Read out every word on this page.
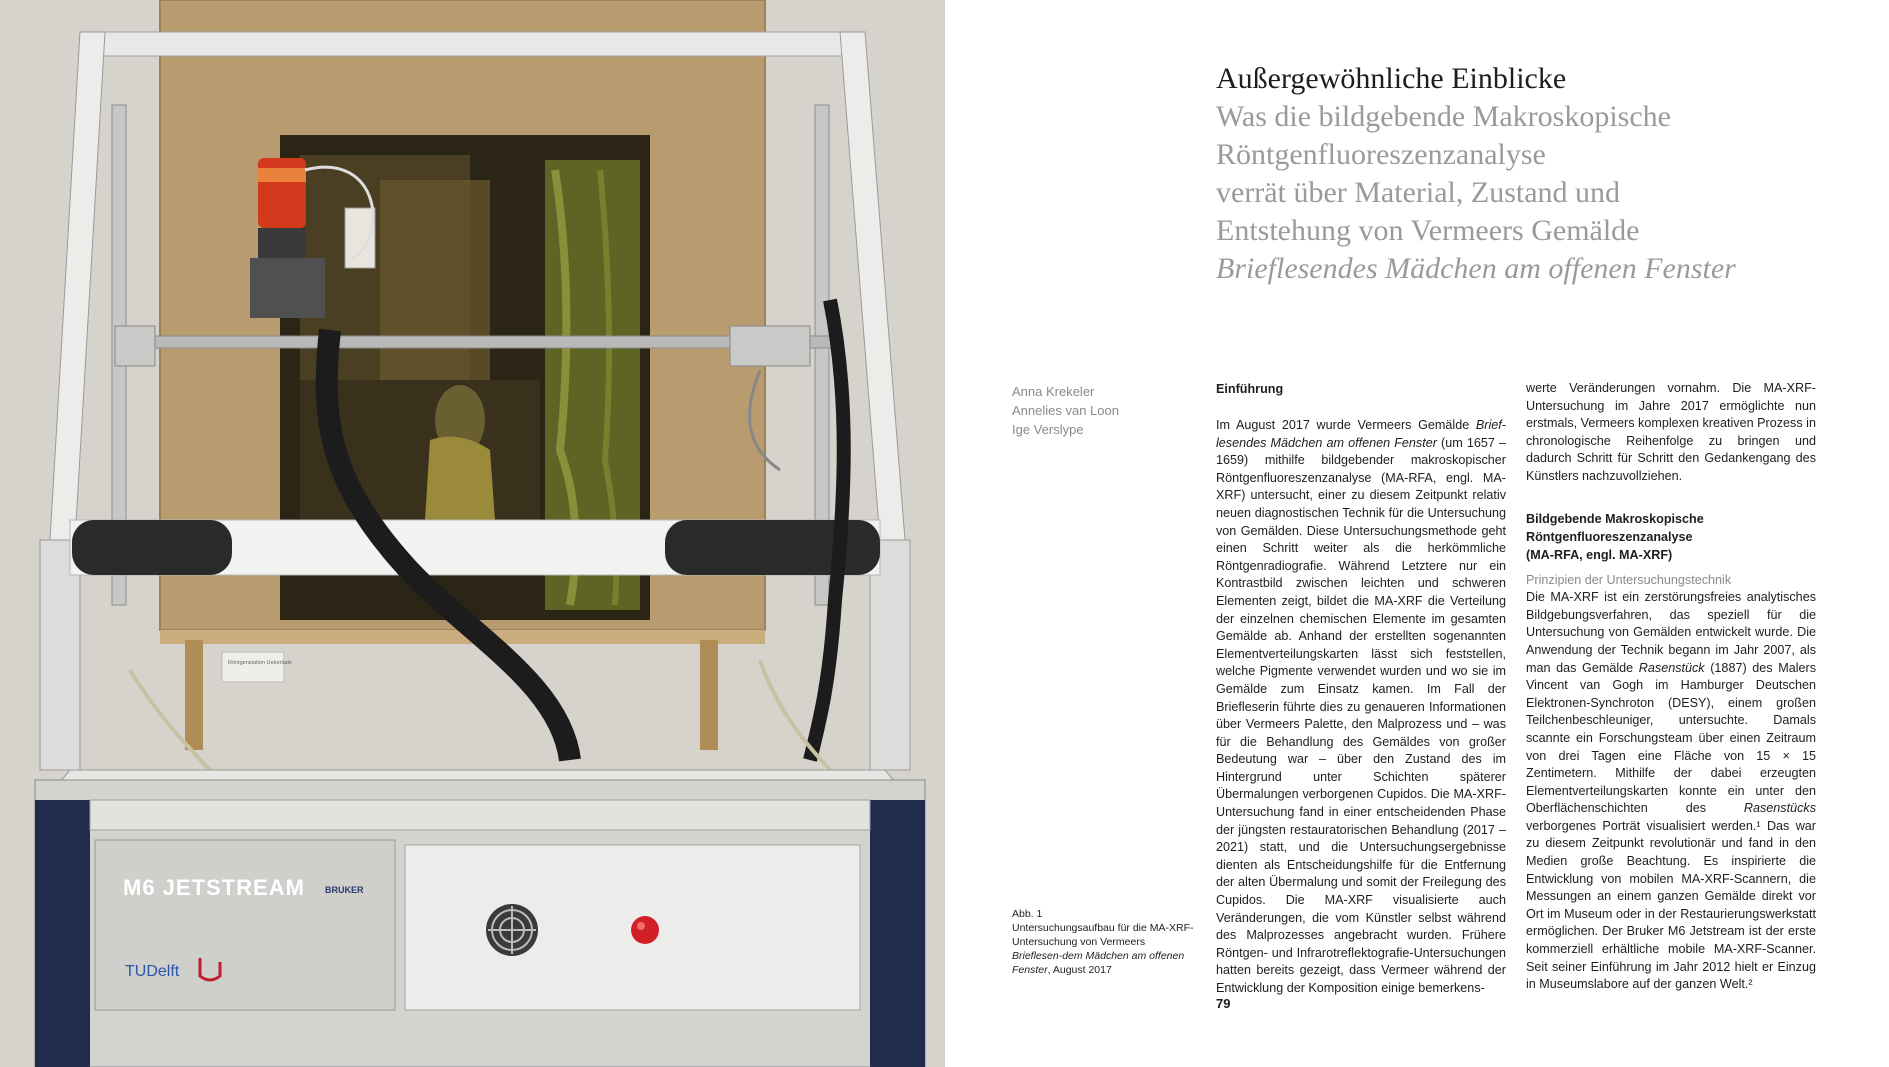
Röntgenstation Ueberlade
M6 JETSTREAM BRUKER
TUDelft
Außergewöhnliche Einblicke
Was die bildgebende Makroskopische
Röntgenfluoreszenzanalyse
verrät über Material, Zustand und
Entstehung von Vermeers Gemälde
Brieflesendes Mädchen am offenen Fenster
Anna Krekeler
Annelies van Loon
Ige Verslype
Abb. 1
Untersuchungsaufbau für die MA-XRF-Untersuchung von Vermeers Brieflesen-dem Mädchen am offenen Fenster, August 2017
Einführung

Im August 2017 wurde Vermeers Gemälde Brief-lesendes Mädchen am offenen Fenster (um 1657 – 1659) mithilfe bildgebender makroskopischer Röntgenfluoreszenzanalyse (MA-RFA, engl. MA-XRF) untersucht, einer zu diesem Zeitpunkt relativ neuen diagnostischen Technik für die Untersuchung von Gemälden. Diese Untersuchungsmethode geht einen Schritt weiter als die herkömmliche Röntgenradiografie. Während Letztere nur ein Kontrastbild zwischen leichten und schweren Elementen zeigt, bildet die MA-XRF die Verteilung der einzelnen chemischen Elemente im gesamten Gemälde ab. Anhand der erstellten sogenannten Elementverteilungskarten lässt sich feststellen, welche Pigmente verwendet wurden und wo sie im Gemälde zum Einsatz kamen. Im Fall der Briefleserin führte dies zu genaueren Informationen über Vermeers Palette, den Malprozess und – was für die Behandlung des Gemäldes von großer Bedeutung war – über den Zustand des im Hintergrund unter Schichten späterer Übermalungen verborgenen Cupidos. Die MA-XRF-Untersuchung fand in einer entscheidenden Phase der jüngsten restauratorischen Behandlung (2017 – 2021) statt, und die Untersuchungsergebnisse dienten als Entscheidungshilfe für die Entfernung der alten Übermalung und somit der Freilegung des Cupidos. Die MA-XRF visualisierte auch Veränderungen, die vom Künstler selbst während des Malprozesses angebracht wurden. Frühere Röntgen- und Infrarotreflektografie-Untersuchungen hatten bereits gezeigt, dass Vermeer während der Entwicklung der Komposition einige bemerkens-

werte Veränderungen vornahm. Die MA-XRF-Untersuchung im Jahre 2017 ermöglichte nun erstmals, Vermeers komplexen kreativen Prozess in chronologische Reihenfolge zu bringen und dadurch Schritt für Schritt den Gedankengang des Künstlers nachzuvollziehen.

Bildgebende Makroskopische
Röntgenfluoreszenzanalyse
(MA-RFA, engl. MA-XRF)
Prinzipien der Untersuchungstechnik

Die MA-XRF ist ein zerstörungsfreies analytisches Bildgebungsverfahren, das speziell für die Untersuchung von Gemälden entwickelt wurde. Die Anwendung der Technik begann im Jahr 2007, als man das Gemälde Rasenstück (1887) des Malers Vincent van Gogh im Hamburger Deutschen Elektronen-Synchroton (DESY), einem großen Teilchenbeschleuniger, untersuchte. Damals scannte ein Forschungsteam über einen Zeitraum von drei Tagen eine Fläche von 15 × 15 Zentimetern. Mithilfe der dabei erzeugten Elementverteilungskarten konnte ein unter den Oberflächenschichten des Rasenstücks verborgenes Porträt visualisiert werden.¹ Das war zu diesem Zeitpunkt revolutionär und fand in den Medien große Beachtung. Es inspirierte die Entwicklung von mobilen MA-XRF-Scannern, die Messungen an einem ganzen Gemälde direkt vor Ort im Museum oder in der Restaurierungswerkstatt ermöglichen. Der Bruker M6 Jetstream ist der erste kommerziell erhältliche mobile MA-XRF-Scanner. Seit seiner Einführung im Jahr 2012 hielt er Einzug in Museumslabore auf der ganzen Welt.²

79
